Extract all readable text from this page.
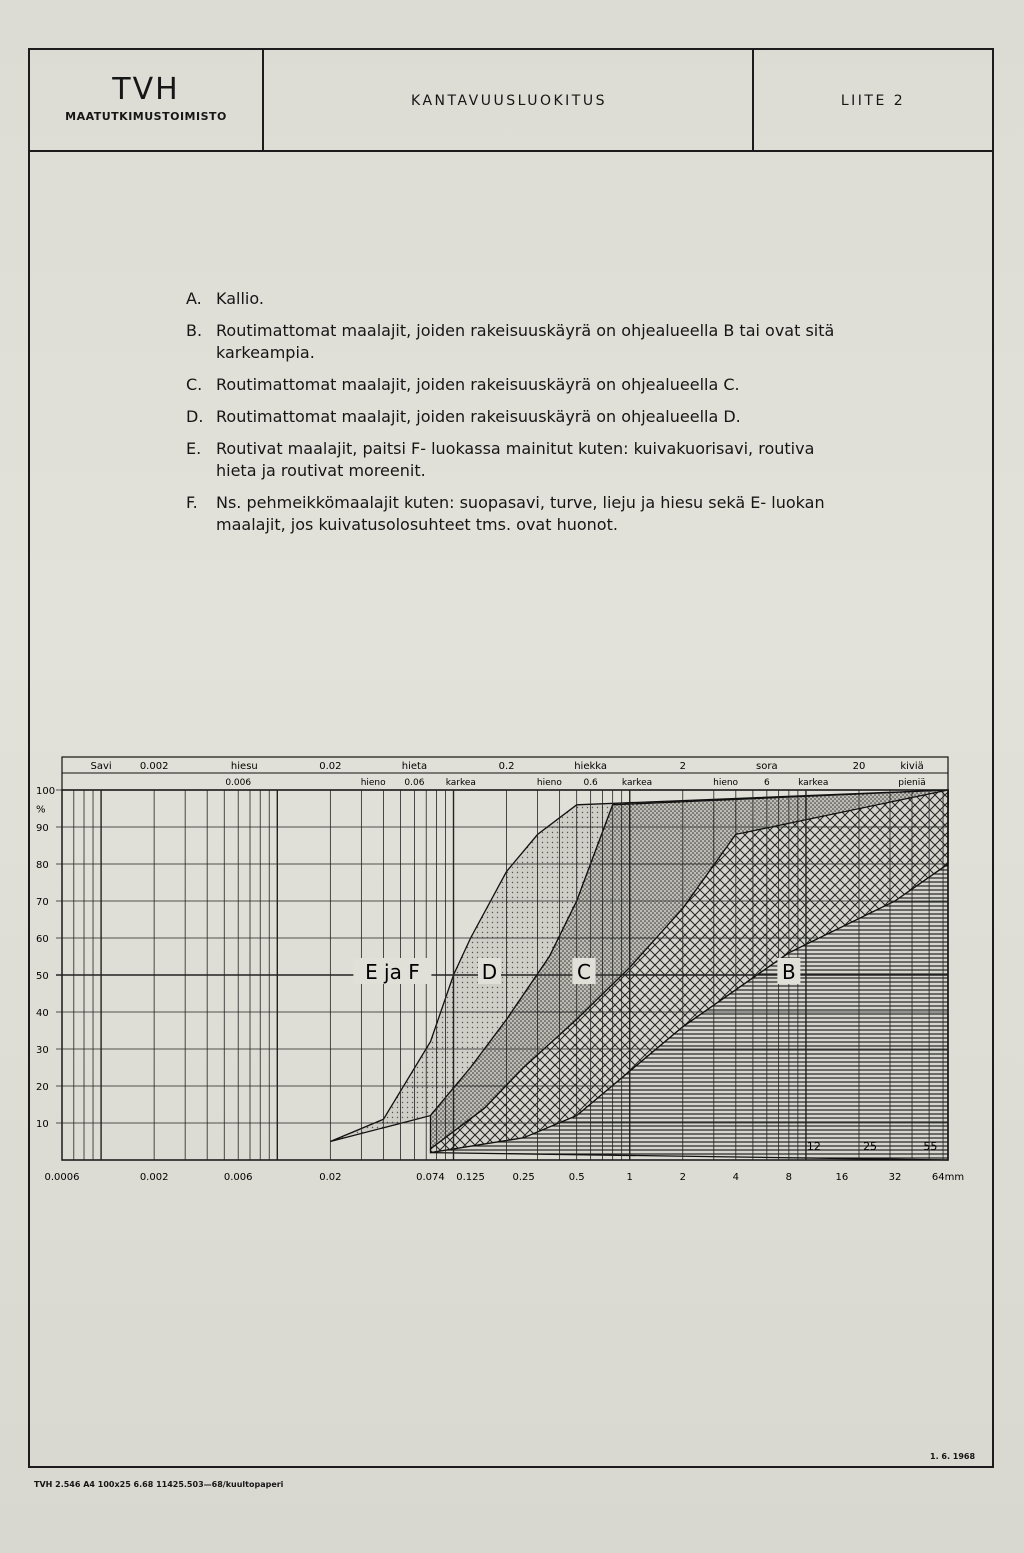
TVH
MAATUTKIMUSTOIMISTO
KANTAVUUSLUOKITUS	LIITE 2
A. Kallio.
B. Routimattomat maalajit, joiden rakeisuuskäyrä on ohjealueella B tai ovat sitä karkeampia.
C. Routimattomat maalajit, joiden rakeisuuskäyrä on ohjealueella C.
D. Routimattomat maalajit, joiden rakeisuuskäyrä on ohjealueella D.
E. Routivat maalajit, paitsi F- luokassa mainitut kuten: kuivakuorisavi, routiva hieta ja routivat moreenit.
F. Ns. pehmeikkömaalajit kuten: suopasavi, turve, lieju ja hiesu sekä E- luokan maalajit, jos kuivatusolosuhteet tms. ovat huonot.
100
90
80
70
60
50
40
30
20
10
%
0.0006	0.002	0.006	0.02	0.074 0.125	0.25	0.5	1	2	4	8	16	32	64mm
12	25	55
Savi	0.002	hiesu	0.02	hieta	0.2	hiekka	2	sora	20	kiviä
0.006	hieno 0.06 karkea	hieno 0.6	karkea	hieno	6	karkea	pieniä
E ja F	D	C	B
1. 6. 1968
TVH 2.546 A4 100x25 6.68 11425.503—68/kuultopaperi
